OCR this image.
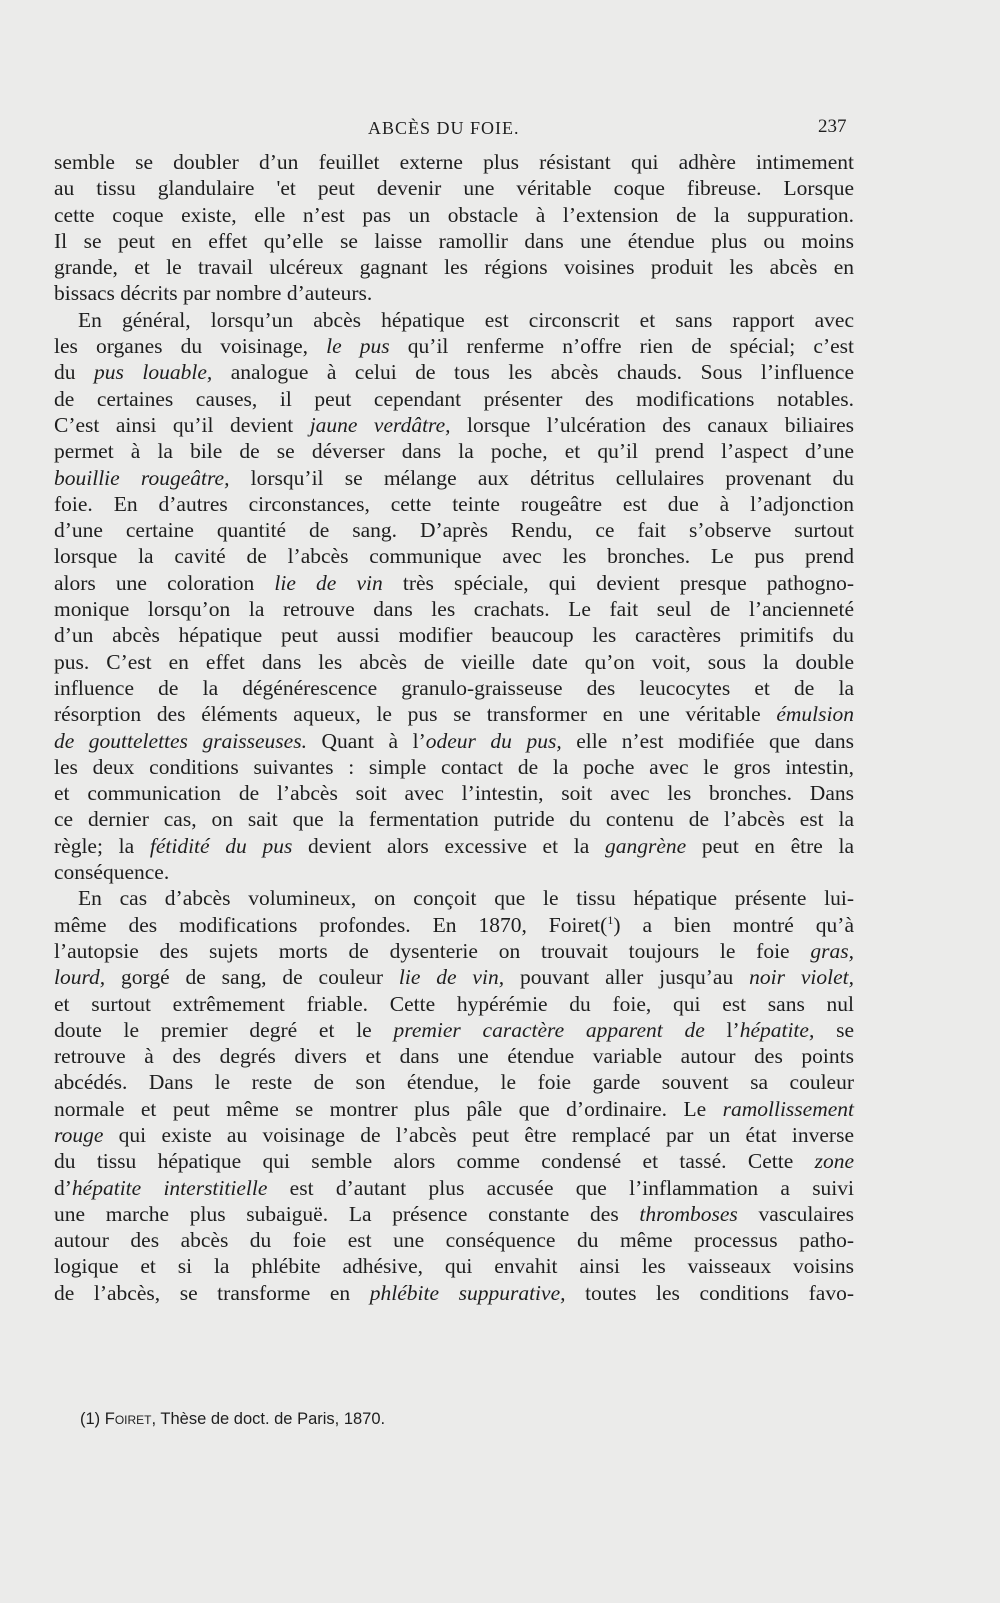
ABCÈS DU FOIE.	237
semble se doubler d’un feuillet externe plus résistant qui adhère intimement
au tissu glandulaire 'et peut devenir une véritable coque fibreuse. Lorsque
cette coque existe, elle n’est pas un obstacle à l’extension de la suppuration.
Il se peut en effet qu’elle se laisse ramollir dans une étendue plus ou moins
grande, et le travail ulcéreux gagnant les régions voisines produit les abcès en
bissacs décrits par nombre d’auteurs.
En général, lorsqu’un abcès hépatique est circonscrit et sans rapport avec
les organes du voisinage, le pus qu’il renferme n’offre rien de spécial; c’est
du pus louable, analogue à celui de tous les abcès chauds. Sous l’influence
de certaines causes, il peut cependant présenter des modifications notables.
C’est ainsi qu’il devient jaune verdâtre, lorsque l’ulcération des canaux biliaires
permet à la bile de se déverser dans la poche, et qu’il prend l’aspect d’une
bouillie rougeâtre, lorsqu’il se mélange aux détritus cellulaires provenant du
foie. En d’autres circonstances, cette teinte rougeâtre est due à l’adjonction
d’une certaine quantité de sang. D’après Rendu, ce fait s’observe surtout
lorsque la cavité de l’abcès communique avec les bronches. Le pus prend
alors une coloration lie de vin très spéciale, qui devient presque pathogno-
monique lorsqu’on la retrouve dans les crachats. Le fait seul de l’ancienneté
d’un abcès hépatique peut aussi modifier beaucoup les caractères primitifs du
pus. C’est en effet dans les abcès de vieille date qu’on voit, sous la double
influence de la dégénérescence granulo-graisseuse des leucocytes et de la
résorption des éléments aqueux, le pus se transformer en une véritable émulsion
de gouttelettes graisseuses. Quant à l’odeur du pus, elle n’est modifiée que dans
les deux conditions suivantes : simple contact de la poche avec le gros intestin,
et communication de l’abcès soit avec l’intestin, soit avec les bronches. Dans
ce dernier cas, on sait que la fermentation putride du contenu de l’abcès est la
règle; la fétidité du pus devient alors excessive et la gangrène peut en être la
conséquence.
En cas d’abcès volumineux, on conçoit que le tissu hépatique présente lui-
même des modifications profondes. En 1870, Foiret($^1$) a bien montré qu’à
l’autopsie des sujets morts de dysenterie on trouvait toujours le foie gras,
lourd, gorgé de sang, de couleur lie de vin, pouvant aller jusqu’au noir violet,
et surtout extrêmement friable. Cette hypérémie du foie, qui est sans nul
doute le premier degré et le premier caractère apparent de l’hépatite, se
retrouve à des degrés divers et dans une étendue variable autour des points
abcédés. Dans le reste de son étendue, le foie garde souvent sa couleur
normale et peut même se montrer plus pâle que d’ordinaire. Le ramollissement
rouge qui existe au voisinage de l’abcès peut être remplacé par un état inverse
du tissu hépatique qui semble alors comme condensé et tassé. Cette zone
d’hépatite interstitielle est d’autant plus accusée que l’inflammation a suivi
une marche plus subaiguë. La présence constante des thromboses vasculaires
autour des abcès du foie est une conséquence du même processus patho-
logique et si la phlébite adhésive, qui envahit ainsi les vaisseaux voisins
de l’abcès, se transforme en phlébite suppurative, toutes les conditions favo-
(1) Foiret, Thèse de doct. de Paris, 1870.
